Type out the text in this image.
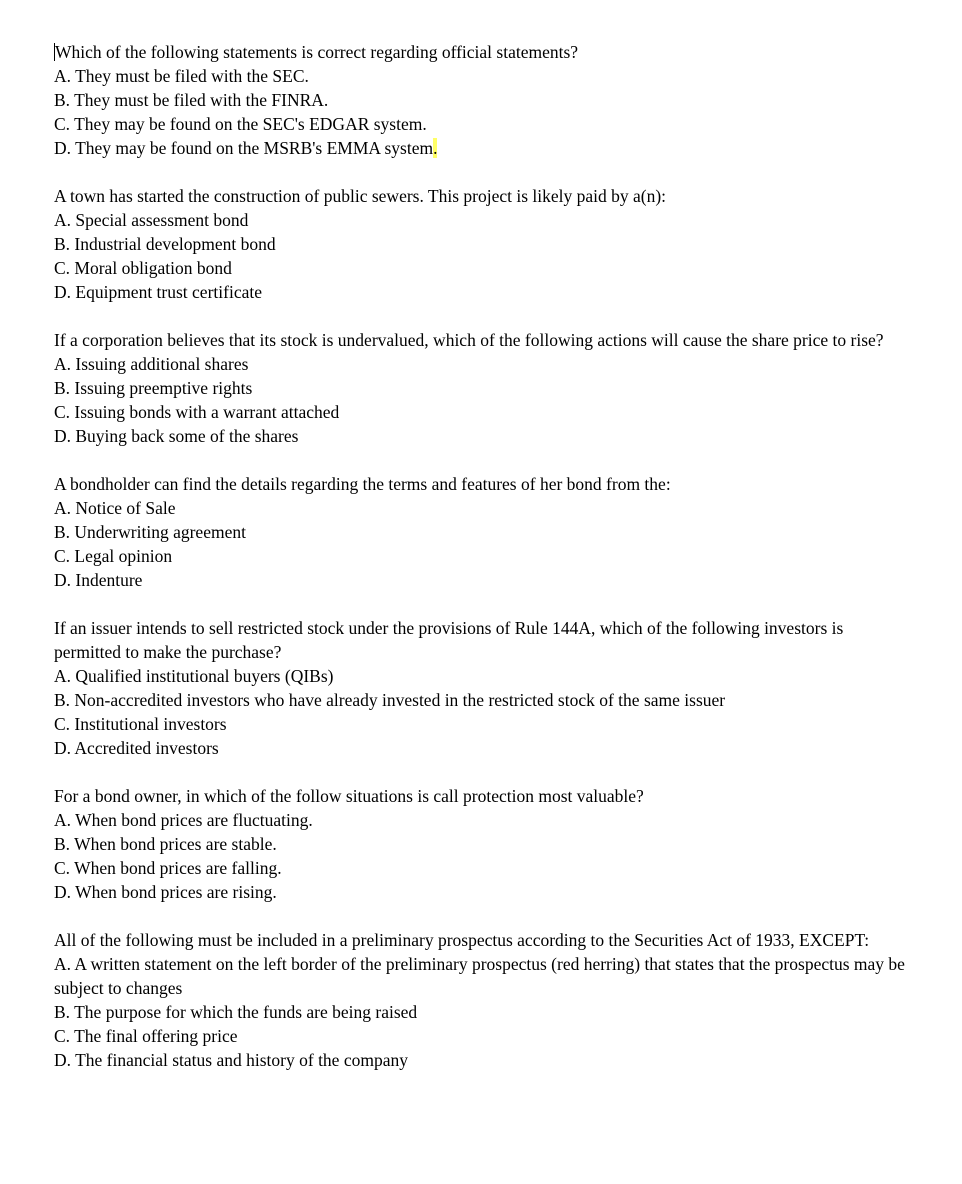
Which of the following statements is correct regarding official statements?
A. They must be filed with the SEC.
B. They must be filed with the FINRA.
C. They may be found on the SEC's EDGAR system.
D. They may be found on the MSRB's EMMA system.
A town has started the construction of public sewers. This project is likely paid by a(n):
A. Special assessment bond
B. Industrial development bond
C. Moral obligation bond
D. Equipment trust certificate
If a corporation believes that its stock is undervalued, which of the following actions will cause the share price to rise?
A. Issuing additional shares
B. Issuing preemptive rights
C. Issuing bonds with a warrant attached
D. Buying back some of the shares
A bondholder can find the details regarding the terms and features of her bond from the:
A. Notice of Sale
B. Underwriting agreement
C. Legal opinion
D. Indenture
If an issuer intends to sell restricted stock under the provisions of Rule 144A, which of the following investors is permitted to make the purchase?
A. Qualified institutional buyers (QIBs)
B. Non-accredited investors who have already invested in the restricted stock of the same issuer
C. Institutional investors
D. Accredited investors
For a bond owner, in which of the follow situations is call protection most valuable?
A. When bond prices are fluctuating.
B. When bond prices are stable.
C. When bond prices are falling.
D. When bond prices are rising.
All of the following must be included in a preliminary prospectus according to the Securities Act of 1933, EXCEPT:
A. A written statement on the left border of the preliminary prospectus (red herring) that states that the prospectus may be subject to changes
B. The purpose for which the funds are being raised
C. The final offering price
D. The financial status and history of the company
